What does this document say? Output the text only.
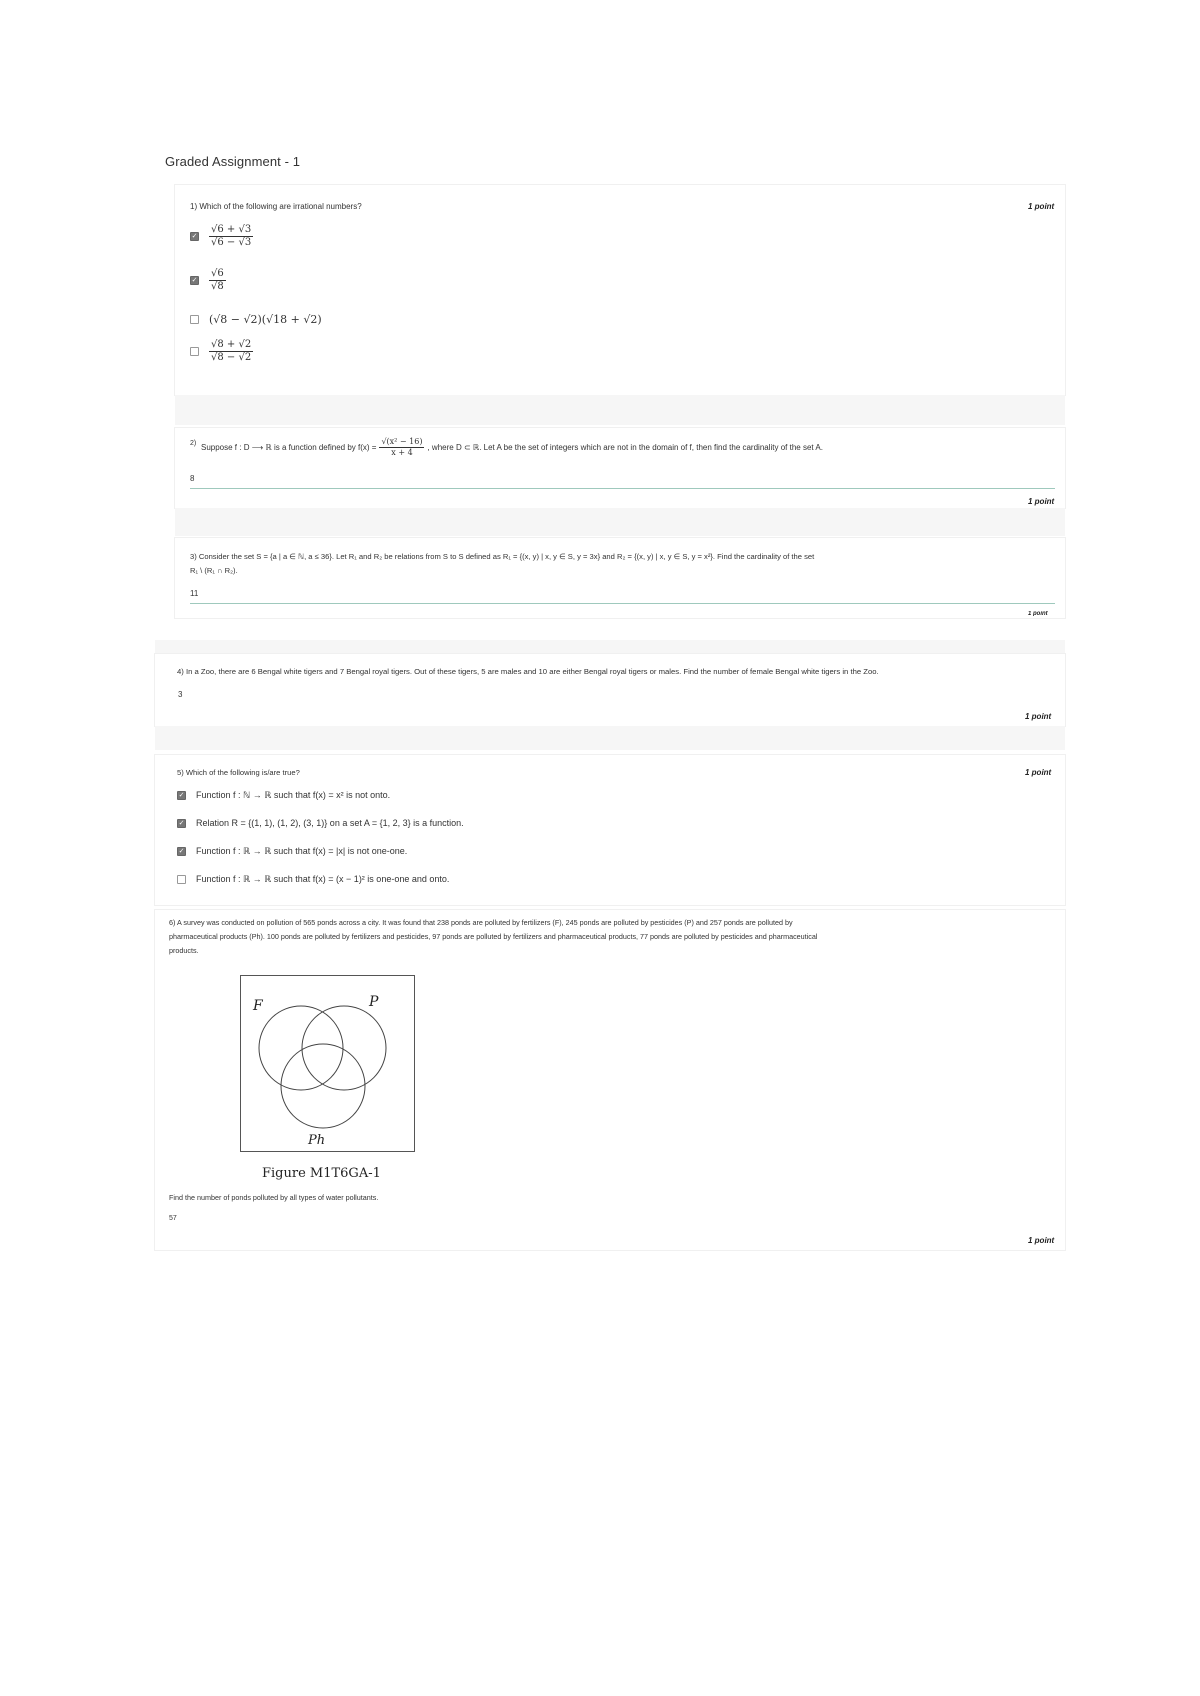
Graded Assignment - 1
1) Which of the following are irrational numbers?	1 point
✓ $\frac{√6 + √3}{√6 - √3}$
✓ $\frac{√6}{√8}$
(√8 − √2)(√18 + √2)
$\frac{√8 + √2}{√8 - √2}$
2) Suppose f : D ⟶ ℝ is a function defined by $f(x) = \frac{\text{√(x² − 16)}}{x + 4}$ , where D ⊂ ℝ. Let A be the set of integers which are not in the domain of f, then find the cardinality of the set A.
8
1 point
3) Consider the set S = {a | a ∈ ℕ, a ≤ 36}. Let R₁ and R₂ be relations from S to S defined as R₁ = {(x, y) | x, y ∈ S, y = 3x} and R₂ = {(x, y) | x, y ∈ S, y = x²}. Find the cardinality of the set
R₁ \ (R₁ ∩ R₂).
11
1 point
4) In a Zoo, there are 6 Bengal white tigers and 7 Bengal royal tigers. Out of these tigers, 5 are males and 10 are either Bengal royal tigers or males. Find the number of female Bengal white tigers in the Zoo.
3
1 point
5) Which of the following is/are true?	1 point
✓ Function f : ℕ → ℝ such that f(x) = x² is not onto.
✓ Relation R = {(1, 1), (1, 2), (3, 1)} on a set A = {1, 2, 3} is a function.
✓ Function f : ℝ → ℝ such that f(x) = |x| is not one-one.
Function f : ℝ → ℝ such that f(x) = (x − 1)² is one-one and onto.
6) A survey was conducted on pollution of 565 ponds across a city. It was found that 238 ponds are polluted by fertilizers (F), 245 ponds are polluted by pesticides (P) and 257 ponds are polluted by
pharmaceutical products (Ph). 100 ponds are polluted by fertilizers and pesticides, 97 ponds are polluted by fertilizers and pharmaceutical products, 77 ponds are polluted by pesticides and pharmaceutical
products.
F	P
Ph
Figure M1T6GA-1
Find the number of ponds polluted by all types of water pollutants.
57
1 point
